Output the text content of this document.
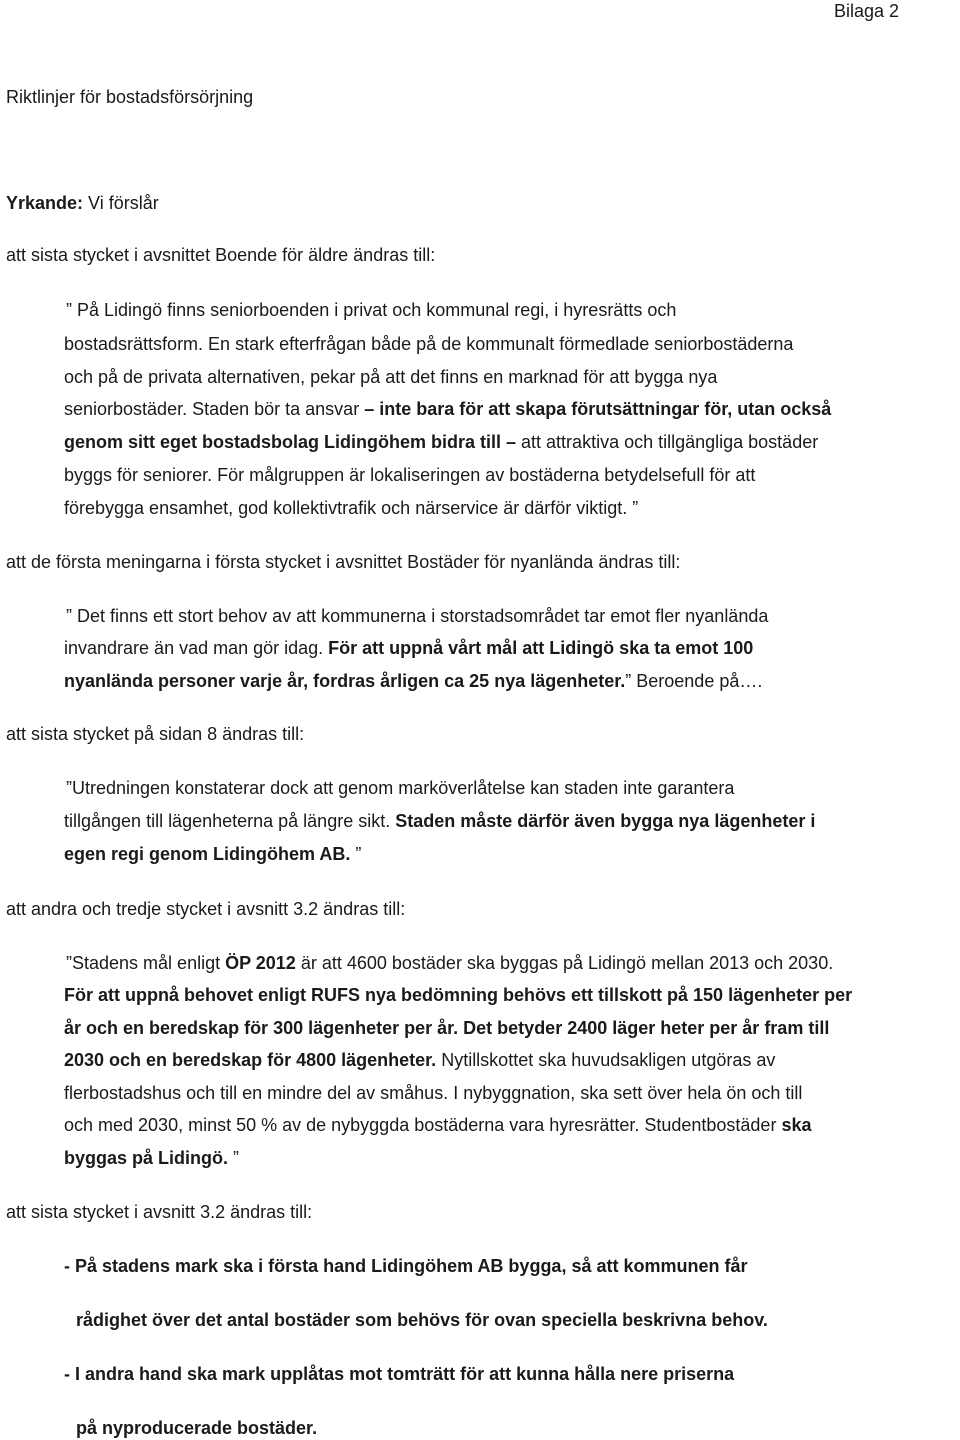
Bilaga 2
Riktlinjer för bostadsförsörjning
Yrkande: Vi förslår
att sista stycket i avsnittet Boende för äldre ändras till:
” På Lidingö finns seniorboenden i privat och kommunal regi, i hyresrätts och
bostadsrättsform. En stark efterfrågan både på de kommunalt förmedlade seniorbostäderna
och på de privata alternativen, pekar på att det finns en marknad för att bygga nya
seniorbostäder. Staden bör ta ansvar – inte bara för att skapa förutsättningar för, utan också
genom sitt eget bostadsbolag Lidingöhem bidra till – att attraktiva och tillgängliga bostäder
byggs för seniorer. För målgruppen är lokaliseringen av bostäderna betydelsefull för att
förebygga ensamhet, god kollektivtrafik och närservice är därför viktigt. ”
att de första meningarna i första stycket i avsnittet Bostäder för nyanlända ändras till:
” Det finns ett stort behov av att kommunerna i storstadsområdet tar emot fler nyanlända
invandrare än vad man gör idag. För att uppnå vårt mål att Lidingö ska ta emot 100
nyanlända personer varje år, fordras årligen ca 25 nya lägenheter.” Beroende på….
att sista stycket på sidan 8 ändras till:
”Utredningen konstaterar dock att genom marköverlåtelse kan staden inte garantera
tillgången till lägenheterna på längre sikt. Staden måste därför även bygga nya lägenheter i
egen regi genom Lidingöhem AB. ”
att andra och tredje stycket i avsnitt 3.2 ändras till:
”Stadens mål enligt ÖP 2012 är att 4600 bostäder ska byggas på Lidingö mellan 2013 och 2030.
För att uppnå behovet enligt RUFS nya bedömning behövs ett tillskott på 150 lägenheter per
år och en beredskap för 300 lägenheter per år. Det betyder 2400 läger heter per år fram till
2030 och en beredskap för 4800 lägenheter. Nytillskottet ska huvudsakligen utgöras av
flerbostadshus och till en mindre del av småhus. I nybyggnation, ska sett över hela ön och till
och med 2030, minst 50 % av de nybyggda bostäderna vara hyresrätter. Studentbostäder ska
byggas på Lidingö. ”
att sista stycket i avsnitt 3.2 ändras till:
- På stadens mark ska i första hand Lidingöhem AB bygga, så att kommunen får
rådighet över det antal bostäder som behövs för ovan speciella beskrivna behov.
- I andra hand ska mark upplåtas mot tomträtt för att kunna hålla nere priserna
på nyproducerade bostäder.
